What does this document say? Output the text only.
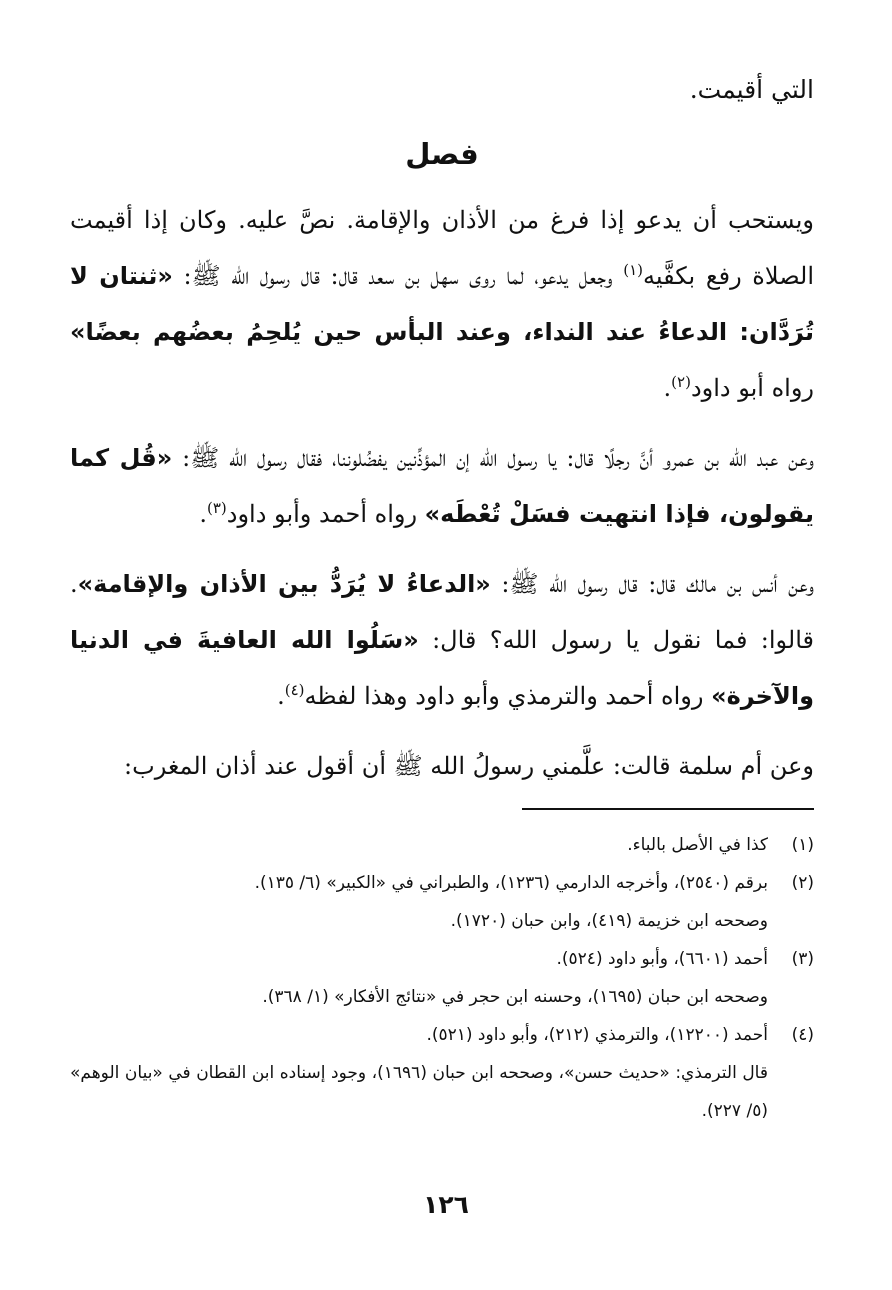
التي أقيمت.

فصل

ويستحب أن يدعو إذا فرغ من الأذان والإقامة. نصَّ عليه. وكان إذا أقيمت الصلاة رفع بكفَّيه$^{(١)}$ وجعل يدعو، لما روى سهل بن سعد قال: قال رسول الله ﷺ: «ثنتان لا تُرَدَّان: الدعاءُ عند النداء، وعند البأس حين يُلحِمُ بعضُهم بعضًا» رواه أبو داود$^{(٢)}$.

وعن عبد الله بن عمرو أنَّ رجلًا قال: يا رسول الله إن المؤذِّنين يفضُلوننا، فقال رسول الله ﷺ: «قُل كما يقولون، فإذا انتهيت فسَلْ تُعْطَه» رواه أحمد وأبو داود$^{(٣)}$.

وعن أنس بن مالك قال: قال رسول الله ﷺ: «الدعاءُ لا يُرَدُّ بين الأذان والإقامة». قالوا: فما نقول يا رسول الله؟ قال: «سَلُوا الله العافيةَ في الدنيا والآخرة» رواه أحمد والترمذي وأبو داود وهذا لفظه$^{(٤)}$.

وعن أم سلمة قالت: علَّمني رسولُ الله ﷺ أن أقول عند أذان المغرب:

(١)
كذا في الأصل بالباء.
(٢)
برقم (٢٥٤٠)، وأخرجه الدارمي (١٢٣٦)، والطبراني في «الكبير» (٦/ ١٣٥).
وصححه ابن خزيمة (٤١٩)، وابن حبان (١٧٢٠).
(٣)
أحمد (٦٦٠١)، وأبو داود (٥٢٤).
وصححه ابن حبان (١٦٩٥)، وحسنه ابن حجر في «نتائج الأفكار» (١/ ٣٦٨).
(٤)
أحمد (١٢٢٠٠)، والترمذي (٢١٢)، وأبو داود (٥٢١).
قال الترمذي: «حديث حسن»، وصححه ابن حبان (١٦٩٦)، وجود إسناده ابن القطان في «بيان الوهم» (٥/ ٢٢٧).
١٢٦
